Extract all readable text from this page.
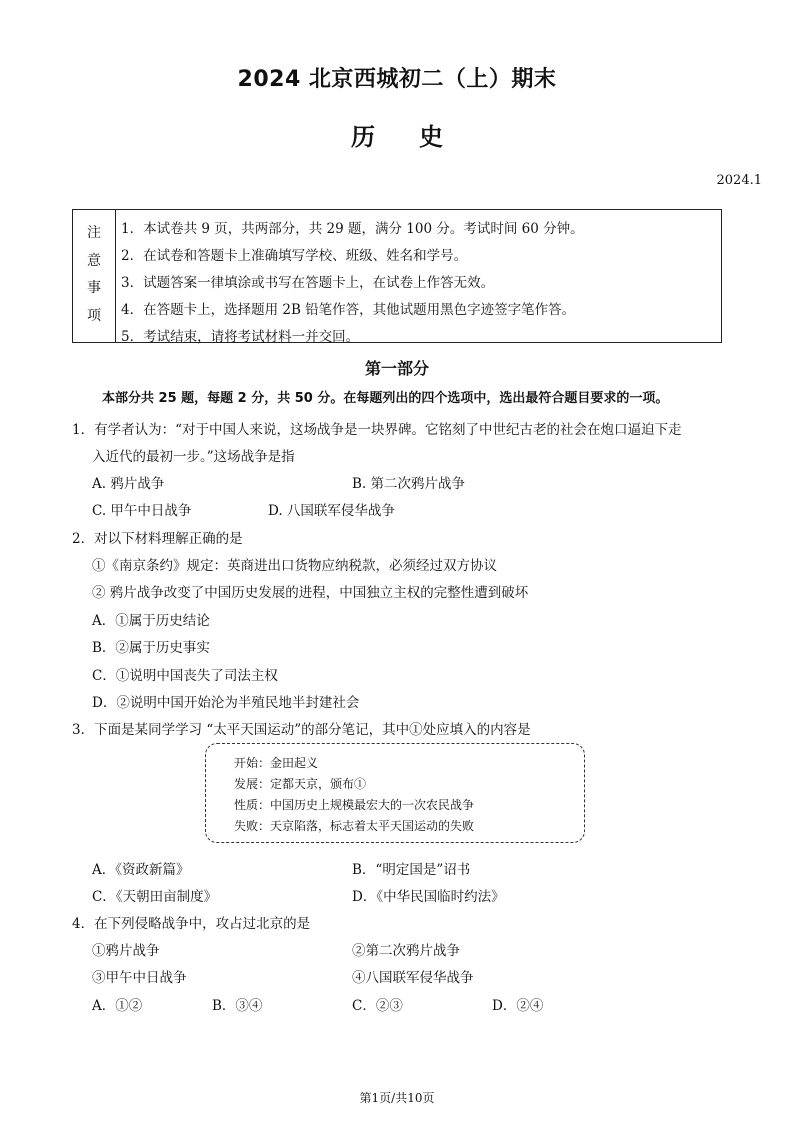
2024 北京西城初二（上）期末
历史
2024.1
注
意
事
项
1．本试卷共 9 页，共两部分，共 29 题，满分 100 分。考试时间 60 分钟。
2．在试卷和答题卡上准确填写学校、班级、姓名和学号。
3．试题答案一律填涂或书写在答题卡上，在试卷上作答无效。
4．在答题卡上，选择题用 2B 铅笔作答，其他试题用黑色字迹签字笔作答。
5．考试结束，请将考试材料一并交回。
第一部分
本部分共 25 题，每题 2 分，共 50 分。在每题列出的四个选项中，选出最符合题目要求的一项。
1．有学者认为：“对于中国人来说，这场战争是一块界碑。它铭刻了中世纪古老的社会在炮口逼迫下走
入近代的最初一步。”这场战争是指
A. 鸦片战争	B. 第二次鸦片战争
C. 甲午中日战争	D. 八国联军侵华战争
2．对以下材料理解正确的是
①《南京条约》规定：英商进出口货物应纳税款，必须经过双方协议
② 鸦片战争改变了中国历史发展的进程，中国独立主权的完整性遭到破坏
A．①属于历史结论
B．②属于历史事实
C．①说明中国丧失了司法主权
D．②说明中国开始沦为半殖民地半封建社会
3．下面是某同学学习 “太平天国运动”的部分笔记，其中①处应填入的内容是
开始：金田起义
发展：定都天京，颁布①
性质：中国历史上规模最宏大的一次农民战争
失败：天京陷落，标志着太平天国运动的失败
A．《资政新篇》	B．“明定国是”诏书
C．《天朝田亩制度》	D．《中华民国临时约法》
4．在下列侵略战争中，攻占过北京的是
①鸦片战争	②第二次鸦片战争
③甲午中日战争	④八国联军侵华战争
A．①②	B．③④	C．②③	D．②④
第1页/共10页
